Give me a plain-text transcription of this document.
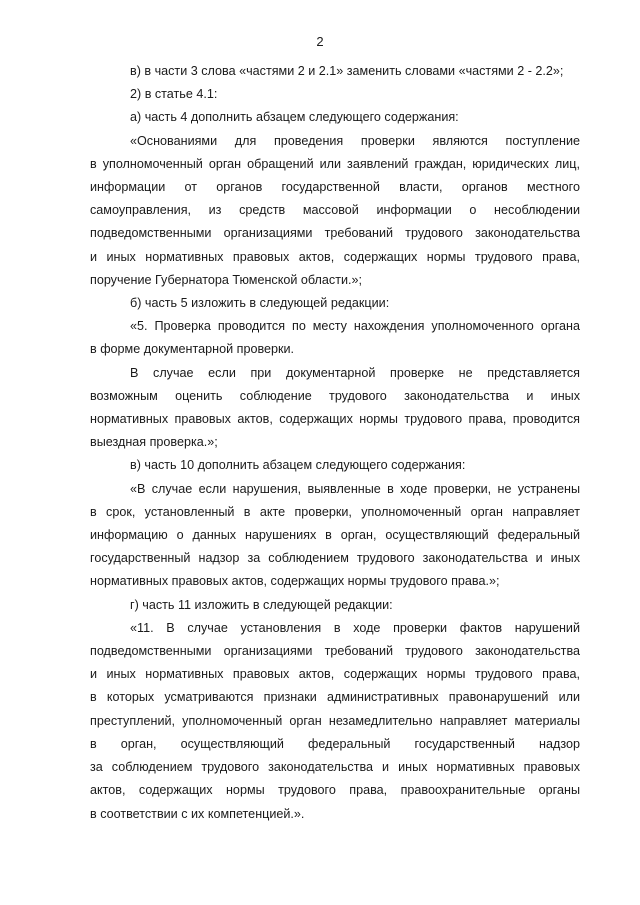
2
в) в части 3 слова «частями 2 и 2.1» заменить словами «частями 2 - 2.2»;
2) в статье 4.1:
а) часть 4 дополнить абзацем следующего содержания:
«Основаниями для проведения проверки являются поступление
в уполномоченный орган обращений или заявлений граждан, юридических лиц,
информации от органов государственной власти, органов местного
самоуправления, из средств массовой информации о несоблюдении
подведомственными организациями требований трудового законодательства
и иных нормативных правовых актов, содержащих нормы трудового права,
поручение Губернатора Тюменской области.»;
б) часть 5 изложить в следующей редакции:
«5. Проверка проводится по месту нахождения уполномоченного органа
в форме документарной проверки.
В случае если при документарной проверке не представляется
возможным оценить соблюдение трудового законодательства и иных
нормативных правовых актов, содержащих нормы трудового права, проводится
выездная проверка.»;
в) часть 10 дополнить абзацем следующего содержания:
«В случае если нарушения, выявленные в ходе проверки, не устранены
в срок, установленный в акте проверки, уполномоченный орган направляет
информацию о данных нарушениях в орган, осуществляющий федеральный
государственный надзор за соблюдением трудового законодательства и иных
нормативных правовых актов, содержащих нормы трудового права.»;
г) часть 11 изложить в следующей редакции:
«11. В случае установления в ходе проверки фактов нарушений
подведомственными организациями требований трудового законодательства
и иных нормативных правовых актов, содержащих нормы трудового права,
в которых усматриваются признаки административных правонарушений или
преступлений, уполномоченный орган незамедлительно направляет материалы
в орган, осуществляющий федеральный государственный надзор
за соблюдением трудового законодательства и иных нормативных правовых
актов, содержащих нормы трудового права, правоохранительные органы
в соответствии с их компетенцией.».
